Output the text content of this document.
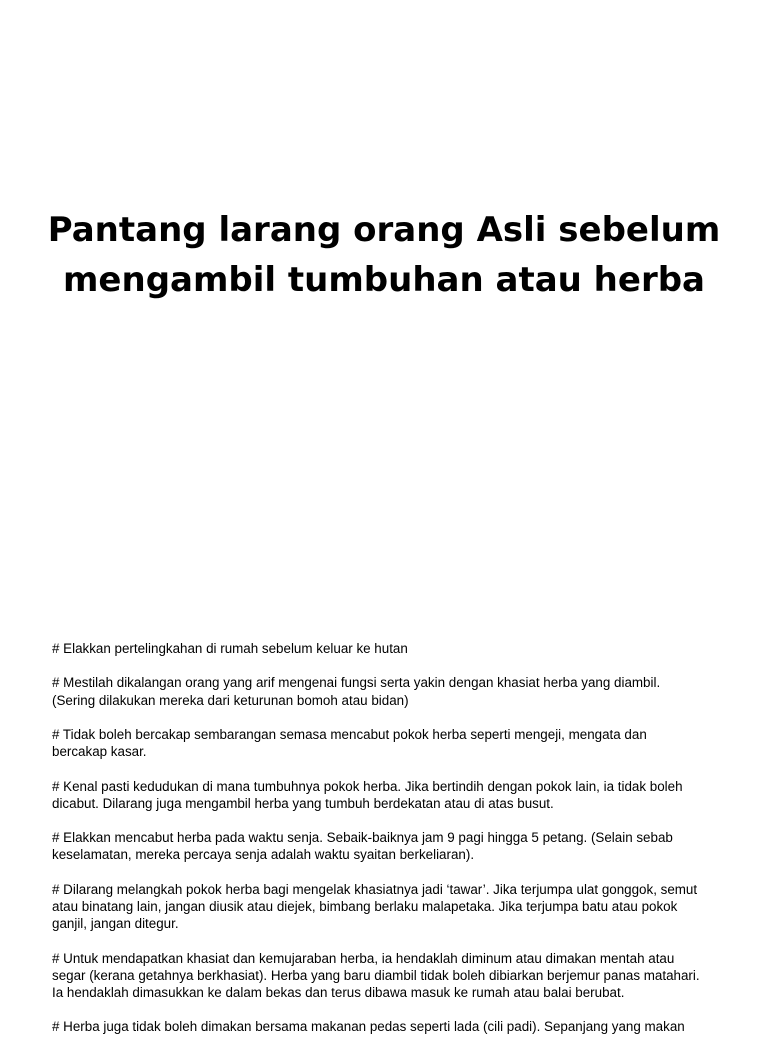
Pantang larang orang Asli sebelum
mengambil tumbuhan atau herba

# Elakkan pertelingkahan di rumah sebelum keluar ke hutan

# Mestilah dikalangan orang yang arif mengenai fungsi serta yakin dengan khasiat herba yang diambil.
(Sering dilakukan mereka dari keturunan bomoh atau bidan)

# Tidak boleh bercakap sembarangan semasa mencabut pokok herba seperti mengeji, mengata dan
bercakap kasar.

# Kenal pasti kedudukan di mana tumbuhnya pokok herba. Jika bertindih dengan pokok lain, ia tidak boleh
dicabut. Dilarang juga mengambil herba yang tumbuh berdekatan atau di atas busut.

# Elakkan mencabut herba pada waktu senja. Sebaik-baiknya jam 9 pagi hingga 5 petang. (Selain sebab
keselamatan, mereka percaya senja adalah waktu syaitan berkeliaran).

# Dilarang melangkah pokok herba bagi mengelak khasiatnya jadi ‘tawar’. Jika terjumpa ulat gonggok, semut
atau binatang lain, jangan diusik atau diejek, bimbang berlaku malapetaka. Jika terjumpa batu atau pokok
ganjil, jangan ditegur.

# Untuk mendapatkan khasiat dan kemujaraban herba, ia hendaklah diminum atau dimakan mentah atau
segar (kerana getahnya berkhasiat). Herba yang baru diambil tidak boleh dibiarkan berjemur panas matahari.
Ia hendaklah dimasukkan ke dalam bekas dan terus dibawa masuk ke rumah atau balai berubat.

# Herba juga tidak boleh dimakan bersama makanan pedas seperti lada (cili padi). Sepanjang yang makan
